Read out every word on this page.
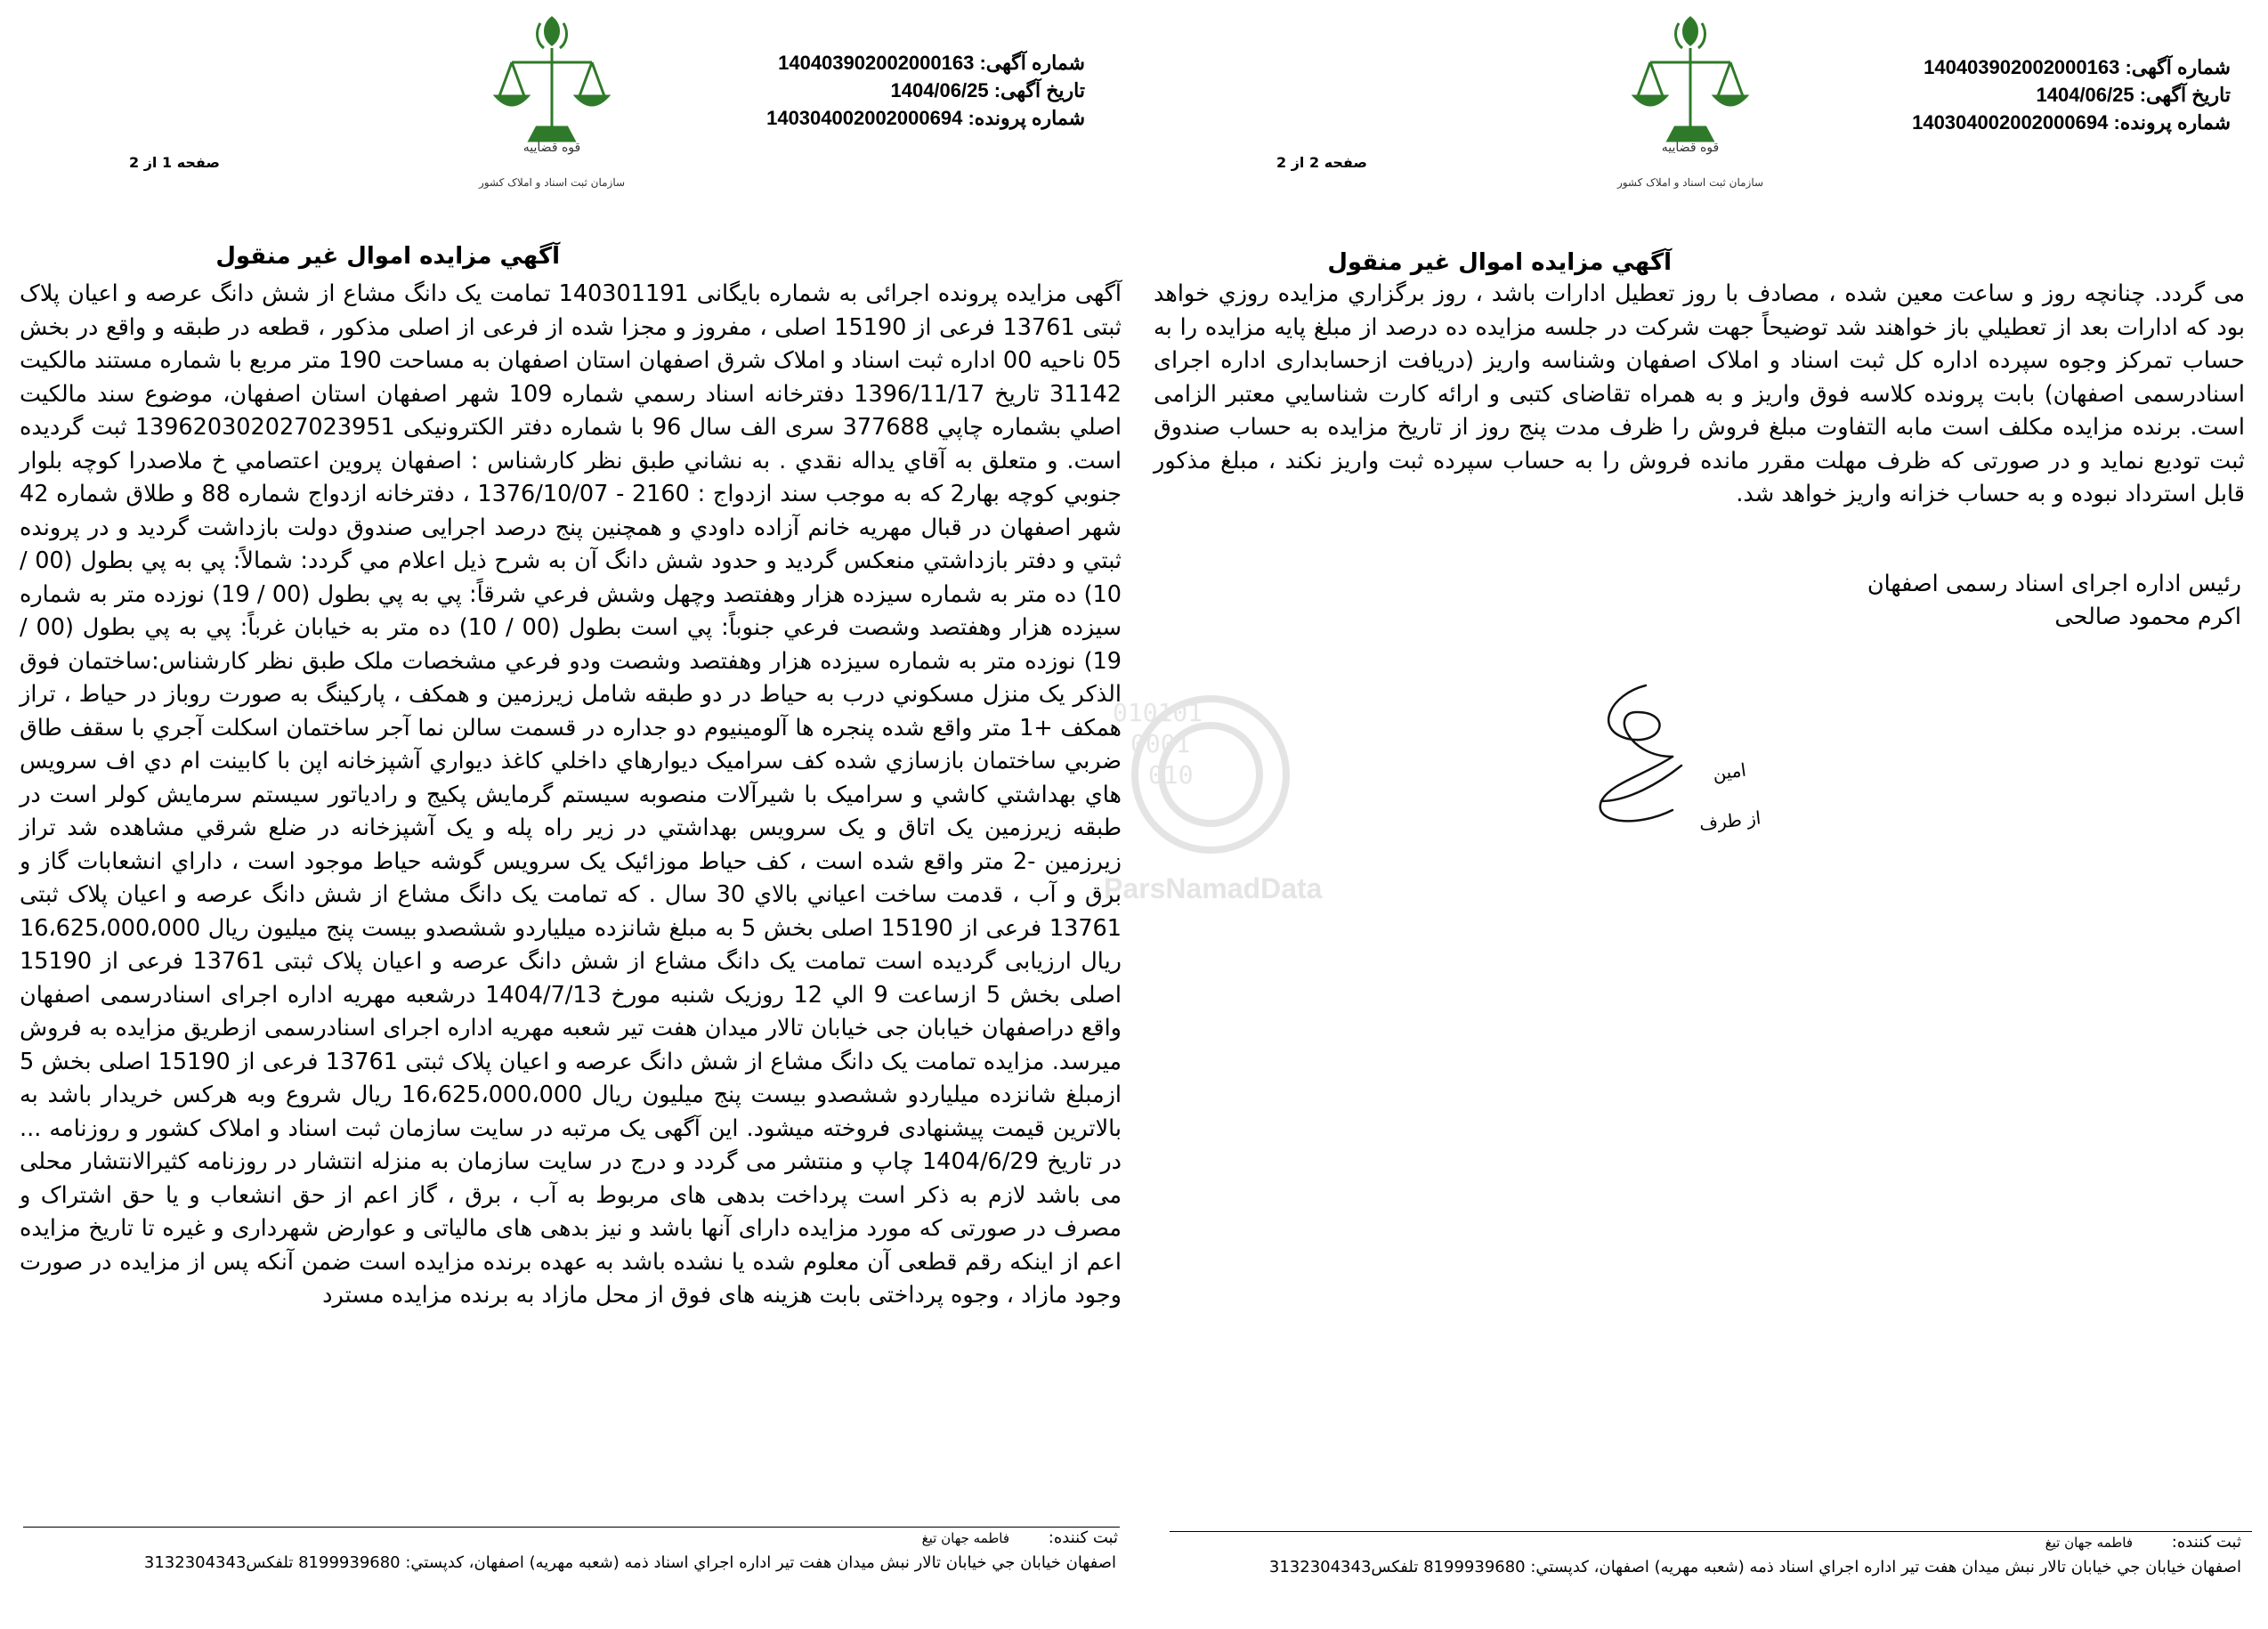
قوه قضاییه
سازمان ثبت اسناد و املاک کشور
شماره آگهی: 140403902002000163
تاریخ آگهی: 1404/06/25
شماره پرونده: 140304002002000694
صفحه 1 از 2
آگهي مزايده اموال غير منقول
آگهی مزایده پرونده اجرائی به شماره بایگانی 140301191 تمامت یک دانگ مشاع از شش دانگ عرصه و اعیان پلاک ثبتی 13761 فرعی از 15190 اصلی ، مفروز و مجزا شده از فرعی از اصلی مذکور ، قطعه در طبقه و واقع در بخش 05 ناحیه 00 اداره ثبت اسناد و املاک شرق اصفهان استان اصفهان به مساحت 190 متر مربع با شماره مستند مالکیت 31142 تاریخ 1396/11/17 دفترخانه اسناد رسمي شماره 109 شهر اصفهان استان اصفهان، موضوع سند مالکیت اصلي بشماره چاپي 377688 سری الف سال 96 با شماره دفتر الکترونیکی 13962030202702395​1 ثبت گردیده است. و متعلق به آقاي يداله نقدي . به نشاني طبق نظر کارشناس : اصفهان پروين اعتصامي خ ملاصدرا کوچه بلوار جنوبي کوچه بهار2 که به موجب سند ازدواج : 2160 - 1376/10/07 ، دفترخانه ازدواج شماره 88 و طلاق شماره 42 شهر اصفهان در قبال مهريه خانم آزاده داودي و همچنين پنج درصد اجرايی صندوق دولت بازداشت گرديد و در پرونده ثبتي و دفتر بازداشتي منعکس گرديد و حدود شش دانگ آن به شرح ذيل اعلام مي گردد: شمالاً: پي به پي بطول (00 / 10) ده متر به شماره سيزده هزار وهفتصد وچهل وشش فرعي شرقاً: پي به پي بطول (00 / 19) نوزده متر به شماره سيزده هزار وهفتصد وشصت فرعي جنوباً: پي است بطول (00 / 10) ده متر به خيابان غرباً: پي به پي بطول (00 / 19) نوزده متر به شماره سيزده هزار وهفتصد وشصت ودو فرعي مشخصات ملک طبق نظر کارشناس:ساختمان فوق الذکر يک منزل مسکوني درب به حياط در دو طبقه شامل زيرزمين و همکف ، پارکينگ به صورت روباز در حياط ، تراز همکف +1 متر واقع شده پنجره ها آلومينيوم دو جداره در قسمت سالن نما آجر ساختمان اسکلت آجري با سقف طاق ضربي ساختمان بازسازي شده کف سراميک ديوارهاي داخلي کاغذ ديواري آشپزخانه اپن با کابينت ام دي اف سرويس هاي بهداشتي کاشي و سراميک با شيرآلات منصوبه سيستم گرمايش پکيج و رادياتور سيستم سرمايش کولر است در طبقه زيرزمين يک اتاق و يک سرويس بهداشتي در زير راه پله و يک آشپزخانه در ضلع شرقي مشاهده شد تراز زيرزمين -2 متر واقع شده است ، کف حياط موزائيک يک سرويس گوشه حياط موجود است ، داراي انشعابات گاز و برق و آب ، قدمت ساخت اعياني بالاي 30 سال . که تمامت يک دانگ مشاع از شش دانگ عرصه و اعيان پلاک ثبتی 13761 فرعی از 15190 اصلی بخش 5 به مبلغ شانزده ميلياردو ششصدو بيست پنج ميليون ريال 16،625،000،000 ريال ارزيابی گرديده است تمامت يک دانگ مشاع از شش دانگ عرصه و اعيان پلاک ثبتی 13761 فرعی از 15190 اصلی بخش 5 ازساعت 9 الي 12 روزيک شنبه مورخ 1404/7/13 درشعبه مهريه اداره اجرای اسنادرسمی اصفهان واقع دراصفهان خيابان جی خيابان تالار ميدان هفت تير شعبه مهريه اداره اجرای اسنادرسمی ازطريق مزايده به فروش ميرسد. مزايده تمامت يک دانگ مشاع از شش دانگ عرصه و اعيان پلاک ثبتی 13761 فرعی از 15190 اصلی بخش 5 ازمبلغ شانزده ميلياردو ششصدو بيست پنج ميليون ريال 16،625،000،000 ريال شروع وبه هرکس خريدار باشد به بالاترين قيمت پيشنهادی فروخته ميشود. اين آگهی يک مرتبه در سايت سازمان ثبت اسناد و املاک کشور و روزنامه ... در تاريخ 1404/6/29 چاپ و منتشر می گردد و درج در سايت سازمان به منزله انتشار در روزنامه کثيرالانتشار محلی می باشد لازم به ذکر است پرداخت بدهی های مربوط به آب ، برق ، گاز اعم از حق انشعاب و يا حق اشتراک و مصرف در صورتی که مورد مزايده دارای آنها باشد و نيز بدهی های مالياتی و عوارض شهرداری و غيره تا تاريخ مزايده اعم از اينکه رقم قطعی آن معلوم شده يا نشده باشد به عهده برنده مزايده است ضمن آنکه پس از مزايده در صورت وجود مازاد ، وجوه پرداختی بابت هزينه های فوق از محل مازاد به برنده مزايده مسترد
ثبت کننده: فاطمه جهان تيغ
اصفهان خيابان جي خيابان تالار نبش ميدان هفت تير اداره اجراي اسناد ذمه (شعبه مهريه) اصفهان، کدپستي: 8199939680 تلفكس3132304343
قوه قضاییه
سازمان ثبت اسناد و املاک کشور
شماره آگهی: 140403902002000163
تاریخ آگهی: 1404/06/25
شماره پرونده: 140304002002000694
صفحه 2 از 2
آگهي مزايده اموال غير منقول
می گردد. چنانچه روز و ساعت معين شده ، مصادف با روز تعطيل ادارات باشد ، روز برگزاري مزايده روزي خواهد بود که ادارات بعد از تعطيلي باز خواهند شد توضيحاً جهت شرکت در جلسه مزايده ده درصد از مبلغ پايه مزايده را به حساب تمرکز وجوه سپرده اداره کل ثبت اسناد و املاک اصفهان وشناسه واريز (دريافت ازحسابداری اداره اجرای اسنادرسمی اصفهان) بابت پرونده کلاسه فوق واريز و به همراه تقاضای کتبی و ارائه کارت شناسايي معتبر الزامی است. برنده مزايده مکلف است مابه التفاوت مبلغ فروش را ظرف مدت پنج روز از تاريخ مزايده به حساب صندوق ثبت توديع نمايد و در صورتی که ظرف مهلت مقرر مانده فروش را به حساب سپرده ثبت واريز نکند ، مبلغ مذکور قابل استرداد نبوده و به حساب خزانه واريز خواهد شد.
رئيس اداره اجرای اسناد رسمی اصفهان
اکرم محمود صالحی
امین
از طرف
ثبت کننده: فاطمه جهان تيغ
اصفهان خيابان جي خيابان تالار نبش ميدان هفت تير اداره اجراي اسناد ذمه (شعبه مهريه) اصفهان، کدپستي: 8199939680 تلفكس3132304343
010101
0001
010
ParsNamadData
